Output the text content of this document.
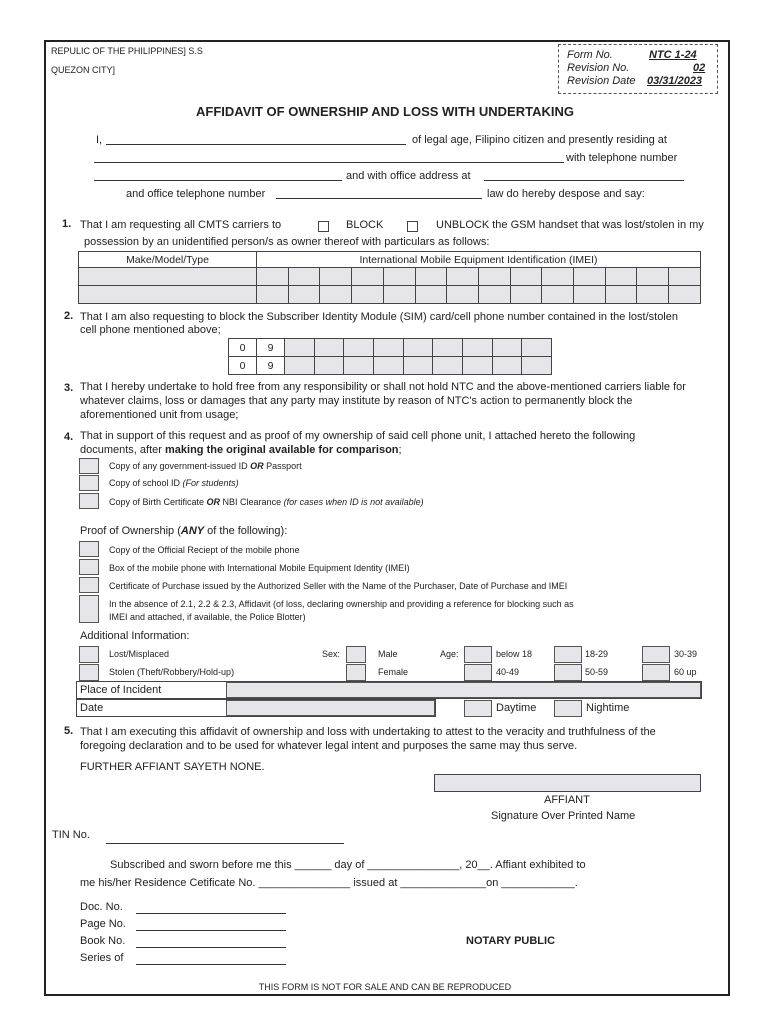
REPULIC OF THE PHILIPPINES] S.S
QUEZON CITY]
Form No.	NTC 1-24
Revision No.	02
Revision Date 03/31/2023
AFFIDAVIT OF OWNERSHIP AND LOSS WITH UNDERTAKING
I,	of legal age, Filipino citizen and presently residing at
with telephone number
and with office address at
and office telephone number	law do hereby despose and say:
1. That I am requesting all CMTS carriers to	BLOCK	UNBLOCK the GSM handset that was lost/stolen in my
possession by an unidentified person/s as owner thereof with particulars as follows:
Make/Model/Type	International Mobile Equipment Identification (IMEI)													

2. That I am also requesting to block the Subscriber Identity Module (SIM) card/cell phone number contained in the lost/stolen
cell phone mentioned above;
0	9									
0	9									
3. That I hereby undertake to hold free from any responsibility or shall not hold NTC and the above-mentioned carriers liable for
whatever claims, loss or damages that any party may institute by reason of NTC's action to permanently block the
aforementioned unit from usage;
4. That in support of this request and as proof of my ownership of said cell phone unit, I attached hereto the following
documents, after making the original available for comparison;
Copy of any government-issued ID OR Passport
Copy of school ID (For students)
Copy of Birth Certificate OR NBI Clearance (for cases when ID is not available)
Proof of Ownership (ANY of the following):
Copy of the Official Reciept of the mobile phone
Box of the mobile phone with International Mobile Equipment Identity (IMEI)
Certificate of Purchase issued by the Authorized Seller with the Name of the Purchaser, Date of Purchase and IMEI
In the absence of 2.1, 2.2 & 2.3, Affidavit (of loss, declaring ownership and providing a reference for blocking such as
IMEI and attached, if available, the Police Blotter)
Additional Information:
Lost/Misplaced
Stolen (Theft/Robbery/Hold-up)
Sex:	Male
Female
Age:	below 18	18-29	30-39
40-49	50-59	60 up
Place of Incident
Date	Daytime	Nightime
5. That I am executing this affidavit of ownership and loss with undertaking to attest to the veracity and truthfulness of the
foregoing declaration and to be used for whatever legal intent and purposes the same may thus serve.
FURTHER AFFIANT SAYETH NONE.
AFFIANT
Signature Over Printed Name
TIN No.
Subscribed and sworn before me this ______ day of _______________, 20__. Affiant exhibited to
me his/her Residence Cetificate No. _______________ issued at ______________on ____________.
Doc. No.
Page No.
Book No.
Series of
NOTARY PUBLIC
THIS FORM IS NOT FOR SALE AND CAN BE REPRODUCED
